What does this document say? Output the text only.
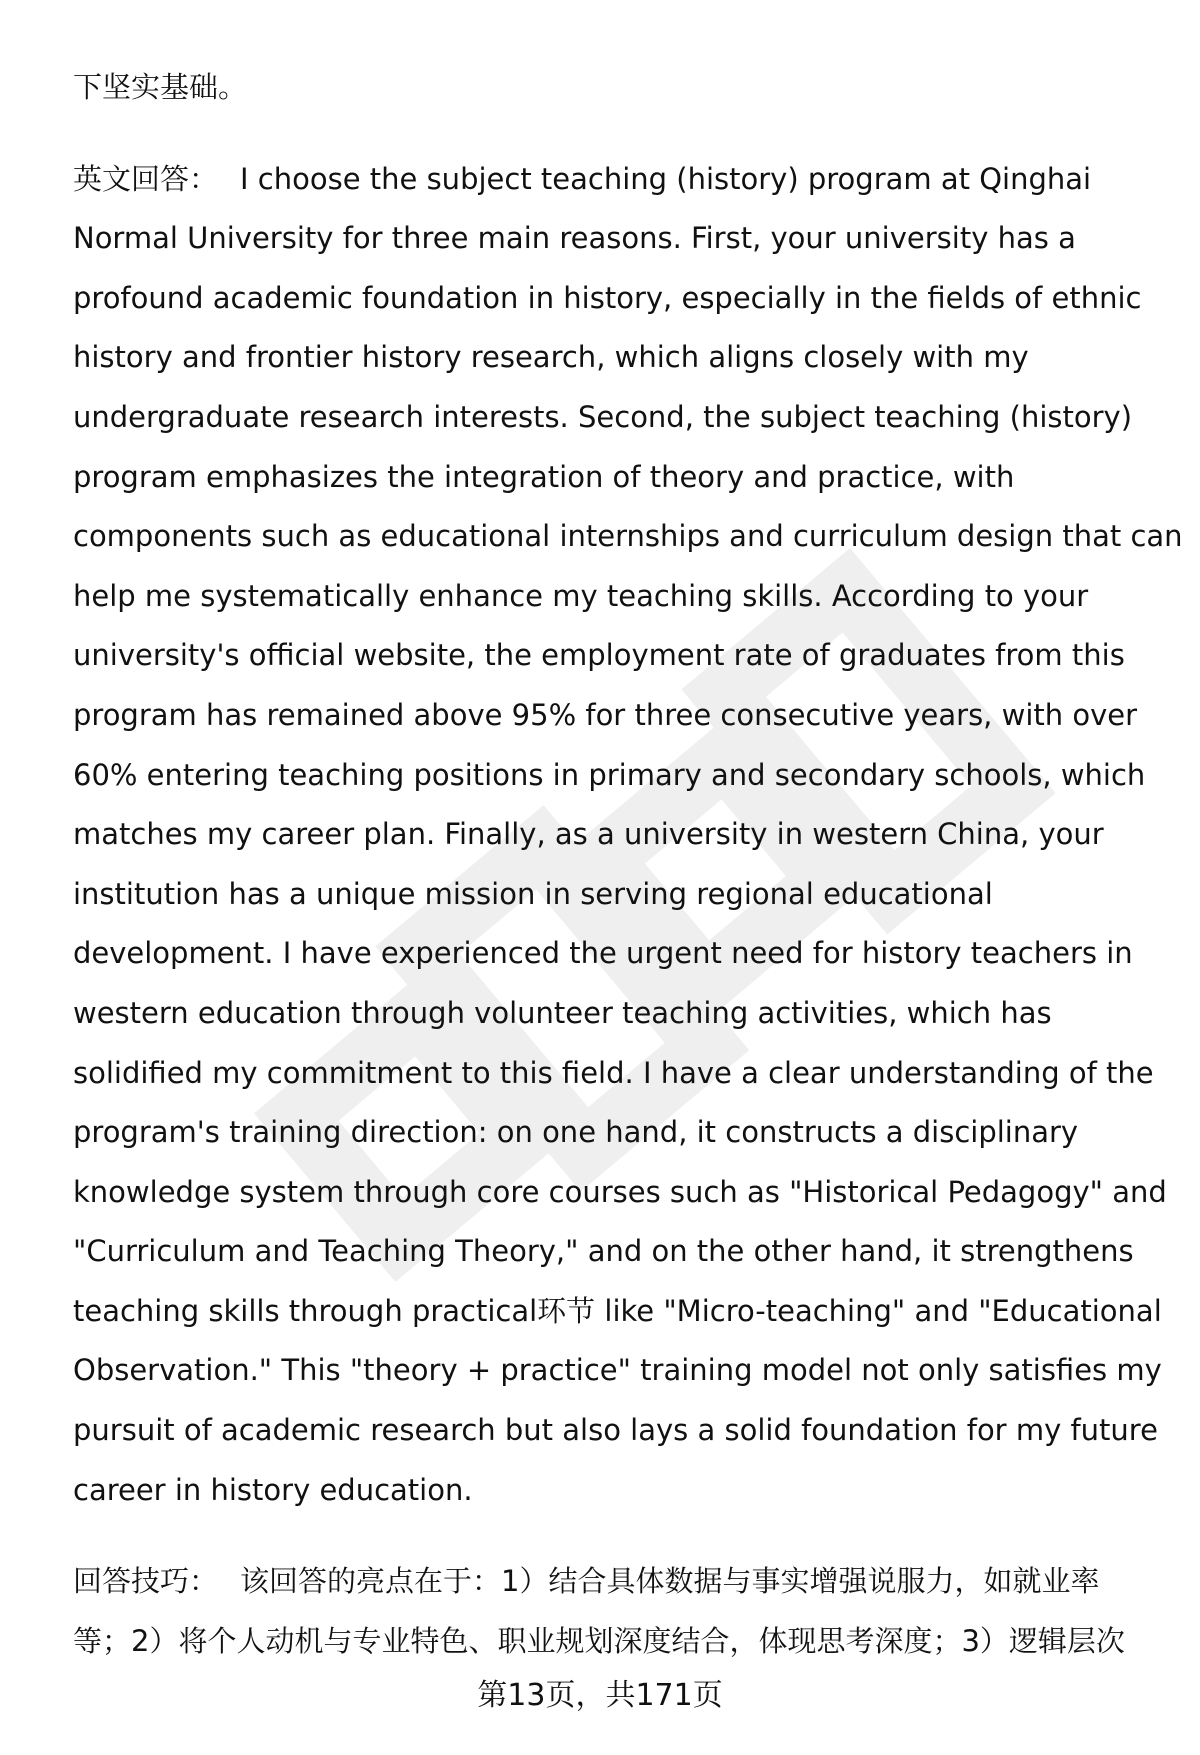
下坚实基础。

英文回答： I choose the subject teaching (history) program at Qinghai
Normal University for three main reasons. First, your university has a
profound academic foundation in history, especially in the fields of ethnic
history and frontier history research, which aligns closely with my
undergraduate research interests. Second, the subject teaching (history)
program emphasizes the integration of theory and practice, with
components such as educational internships and curriculum design that can
help me systematically enhance my teaching skills. According to your
university's official website, the employment rate of graduates from this
program has remained above 95% for three consecutive years, with over
60% entering teaching positions in primary and secondary schools, which
matches my career plan. Finally, as a university in western China, your
institution has a unique mission in serving regional educational
development. I have experienced the urgent need for history teachers in
western education through volunteer teaching activities, which has
solidified my commitment to this field. I have a clear understanding of the
program's training direction: on one hand, it constructs a disciplinary
knowledge system through core courses such as "Historical Pedagogy" and
"Curriculum and Teaching Theory," and on the other hand, it strengthens
teaching skills through practical环节 like "Micro-teaching" and "Educational
Observation." This "theory + practice" training model not only satisfies my
pursuit of academic research but also lays a solid foundation for my future
career in history education.

回答技巧： 该回答的亮点在于：1）结合具体数据与事实增强说服力，如就业率
等；2）将个人动机与专业特色、职业规划深度结合，体现思考深度；3）逻辑层次

第13页，共171页
